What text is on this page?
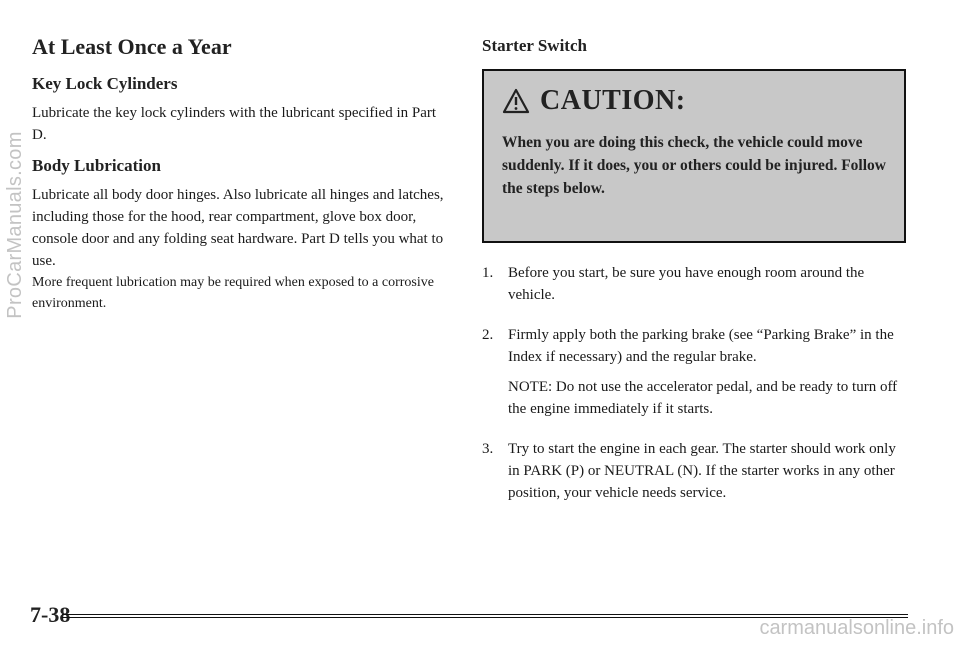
ProCarManuals.com
At Least Once a Year
Key Lock Cylinders

Lubricate the key lock cylinders with the lubricant specified in Part D.

Body Lubrication

Lubricate all body door hinges. Also lubricate all hinges and latches, including those for the hood, rear compartment, glove box door, console door and any folding seat hardware. Part D tells you what to use.

More frequent lubrication may be required when exposed to a corrosive environment.

Starter Switch
CAUTION:
When you are doing this check, the vehicle could move suddenly. If it does, you or others could be injured. Follow the steps below.
1. Before you start, be sure you have enough room around the vehicle.

2. Firmly apply both the parking brake (see “Parking Brake” in the Index if necessary) and the regular brake.

NOTE: Do not use the accelerator pedal, and be ready to turn off the engine immediately if it starts.

3. Try to start the engine in each gear. The starter should work only in PARK (P) or NEUTRAL (N). If the starter works in any other position, your vehicle needs service.

7-38
carmanualsonline.info
